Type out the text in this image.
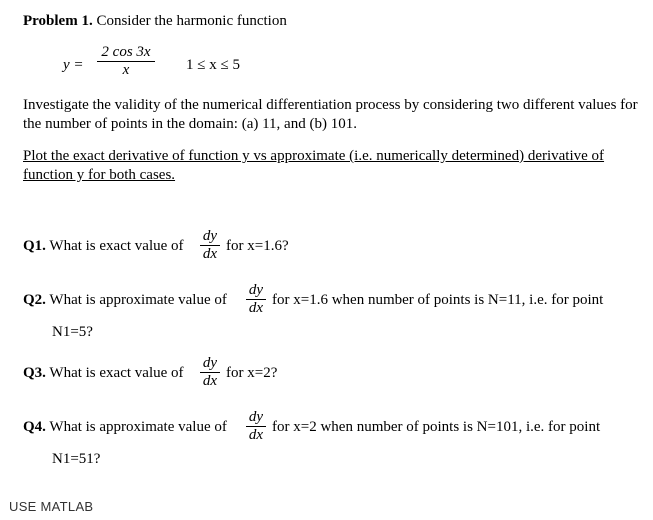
Problem 1. Consider the harmonic function
$y = \frac{2 \cos 3x}{x} 1 \le x \le 5$
Investigate the validity of the numerical differentiation process by considering two different values for the number of points in the domain: (a) 11, and (b) 101.
Plot the exact derivative of function y vs approximate (i.e. numerically determined) derivative of function y for both cases.
Q1. What is exact value of $\frac{dy}{dx}$ for x=1.6?
Q2. What is approximate value of $\frac{dy}{dx}$ for x=1.6 when number of points is N=11, i.e. for point
N1=5?
Q3. What is exact value of $\frac{dy}{dx}$ for x=2?
Q4. What is approximate value of $\frac{dy}{dx}$ for x=2 when number of points is N=101, i.e. for point
N1=51?
USE MATLAB
